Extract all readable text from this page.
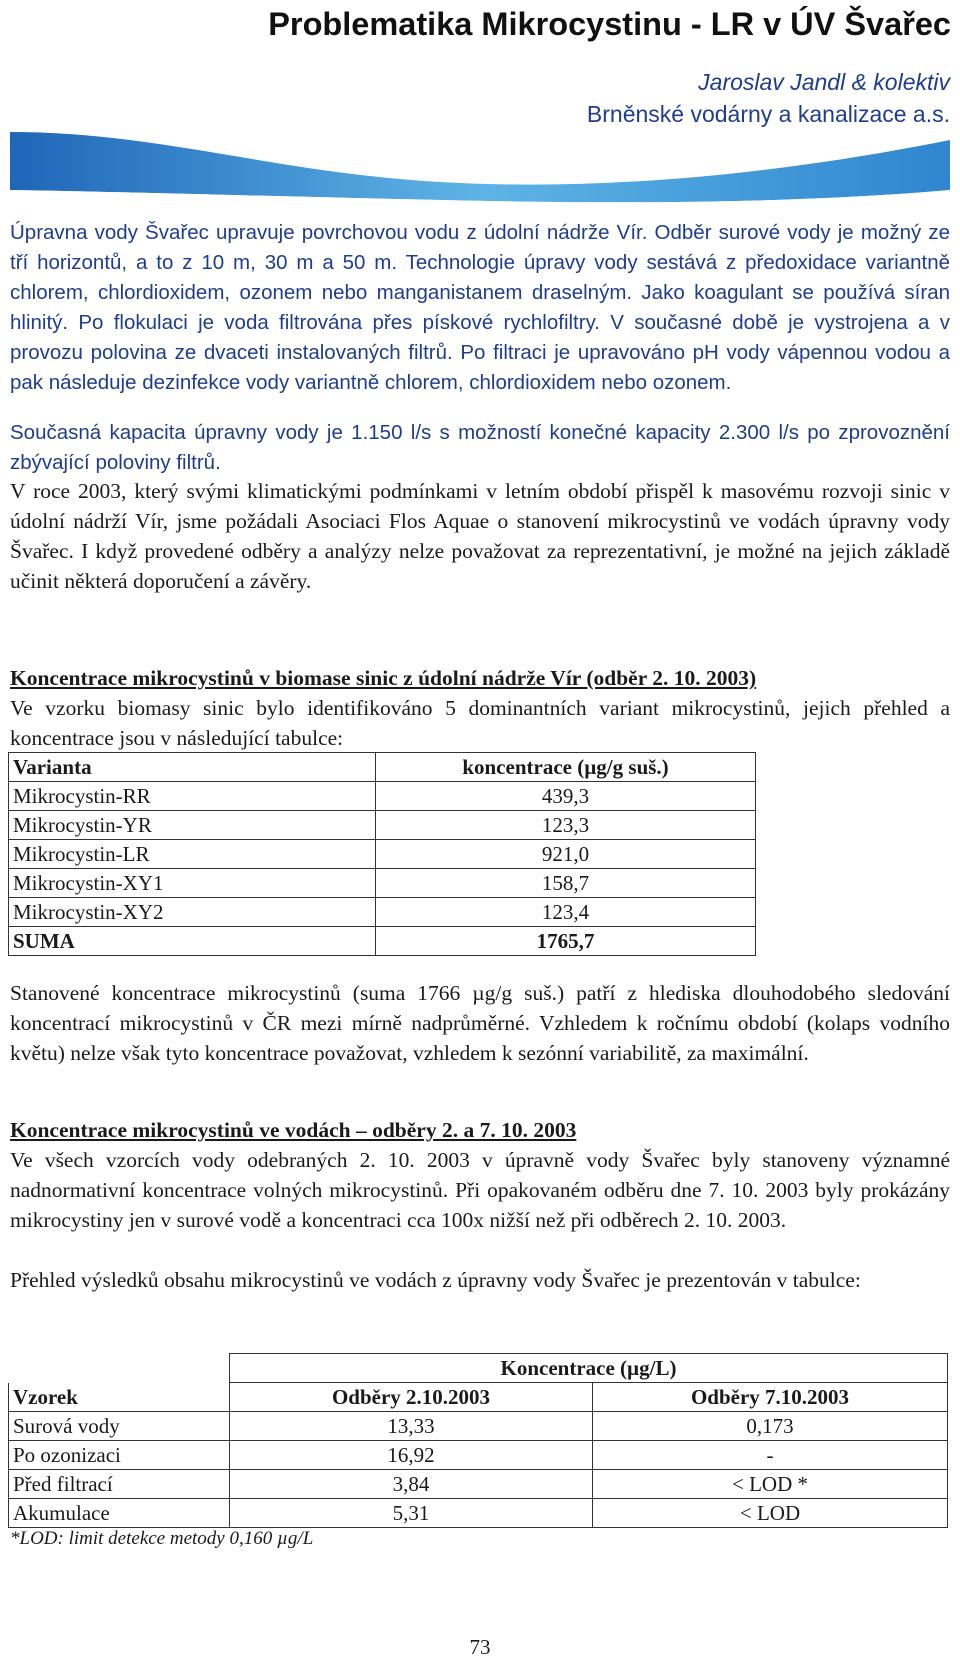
Problematika Mikrocystinu - LR v ÚV Švařec
Jaroslav Jandl & kolektiv
Brněnské vodárny a kanalizace a.s.
Úpravna vody Švařec upravuje povrchovou vodu z údolní nádrže Vír. Odběr surové vody je možný ze tří horizontů, a to z 10 m, 30 m a 50 m. Technologie úpravy vody sestává z předoxidace variantně chlorem, chlordioxidem, ozonem nebo manganistanem draselným. Jako koagulant se používá síran hlinitý. Po flokulaci je voda filtrována přes pískové rychlofiltry. V současné době je vystrojena a v provozu polovina ze dvaceti instalovaných filtrů. Po filtraci je upravováno pH vody vápennou vodou a pak následuje dezinfekce vody variantně chlorem, chlordioxidem nebo ozonem.
Současná kapacita úpravny vody je 1.150 l/s s možností konečné kapacity 2.300 l/s po zprovoznění zbývající poloviny filtrů.
V roce 2003, který svými klimatickými podmínkami v letním období přispěl k masovému rozvoji sinic v údolní nádrží Vír, jsme požádali Asociaci Flos Aquae o stanovení mikrocystinů ve vodách úpravny vody Švařec. I když provedené odběry a analýzy nelze považovat za reprezentativní, je možné na jejich základě učinit některá doporučení a závěry.
Koncentrace mikrocystinů v biomase sinic z údolní nádrže Vír (odběr 2. 10. 2003)
Ve vzorku biomasy sinic bylo identifikováno 5 dominantních variant mikrocystinů, jejich přehled a koncentrace jsou v následující tabulce:
Varianta	koncentrace (µg/g suš.)
Mikrocystin-RR	439,3
Mikrocystin-YR	123,3
Mikrocystin-LR	921,0
Mikrocystin-XY1	158,7
Mikrocystin-XY2	123,4
SUMA	1765,7
Stanovené koncentrace mikrocystinů (suma 1766 µg/g suš.) patří z hlediska dlouhodobého sledování koncentrací mikrocystinů v ČR mezi mírně nadprůměrné. Vzhledem k ročnímu období (kolaps vodního květu) nelze však tyto koncentrace považovat, vzhledem k sezónní variabilitě, za maximální.
Koncentrace mikrocystinů ve vodách – odběry 2. a 7. 10. 2003
Ve všech vzorcích vody odebraných 2. 10. 2003 v úpravně vody Švařec byly stanoveny významné nadnormativní koncentrace volných mikrocystinů. Při opakovaném odběru dne 7. 10. 2003 byly prokázány mikrocystiny jen v surové vodě a koncentraci cca 100x nižší než při odběrech 2. 10. 2003.
Přehled výsledků obsahu mikrocystinů ve vodách z úpravny vody Švařec je prezentován v tabulce:
	Koncentrace (µg/L)	
Vzorek	Odběry 2.10.2003	Odběry 7.10.2003
Surová vody	13,33	0,173
Po ozonizaci	16,92	-
Před filtrací	3,84	< LOD *
Akumulace	5,31	< LOD
*LOD: limit detekce metody 0,160 µg/L
73
